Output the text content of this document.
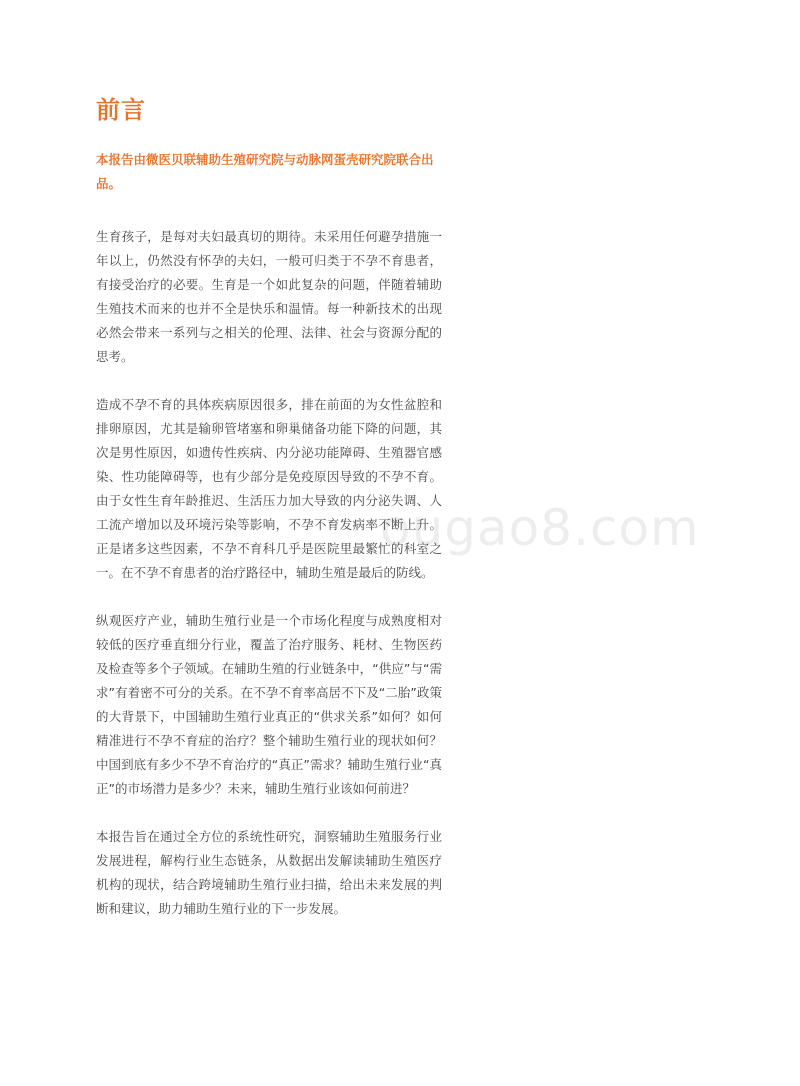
前言

本报告由微医贝联辅助生殖研究院与动脉网蛋壳研究院联合出品。

生育孩子，是每对夫妇最真切的期待。未采用任何避孕措施一年以上，仍然没有怀孕的夫妇，一般可归类于不孕不育患者，有接受治疗的必要。生育是一个如此复杂的问题，伴随着辅助生殖技术而来的也并不全是快乐和温情。每一种新技术的出现必然会带来一系列与之相关的伦理、法律、社会与资源分配的思考。

造成不孕不育的具体疾病原因很多，排在前面的为女性盆腔和排卵原因，尤其是输卵管堵塞和卵巢储备功能下降的问题，其次是男性原因，如遗传性疾病、内分泌功能障碍、生殖器官感染、性功能障碍等，也有少部分是免疫原因导致的不孕不育。由于女性生育年龄推迟、生活压力加大导致的内分泌失调、人工流产增加以及环境污染等影响，不孕不育发病率不断上升。正是诸多这些因素，不孕不育科几乎是医院里最繁忙的科室之一。在不孕不育患者的治疗路径中，辅助生殖是最后的防线。

纵观医疗产业，辅助生殖行业是一个市场化程度与成熟度相对较低的医疗垂直细分行业，覆盖了治疗服务、耗材、生物医药及检查等多个子领域。在辅助生殖的行业链条中，“供应”与“需求”有着密不可分的关系。在不孕不育率高居不下及“二胎”政策的大背景下，中国辅助生殖行业真正的“供求关系”如何？如何精准进行不孕不育症的治疗？整个辅助生殖行业的现状如何？中国到底有多少不孕不育治疗的“真正”需求？辅助生殖行业“真正”的市场潜力是多少？未来，辅助生殖行业该如何前进？

本报告旨在通过全方位的系统性研究，洞察辅助生殖服务行业发展进程，解构行业生态链条，从数据出发解读辅助生殖医疗机构的现状，结合跨境辅助生殖行业扫描，给出未来发展的判断和建议，助力辅助生殖行业的下一步发展。

ougao8.com
